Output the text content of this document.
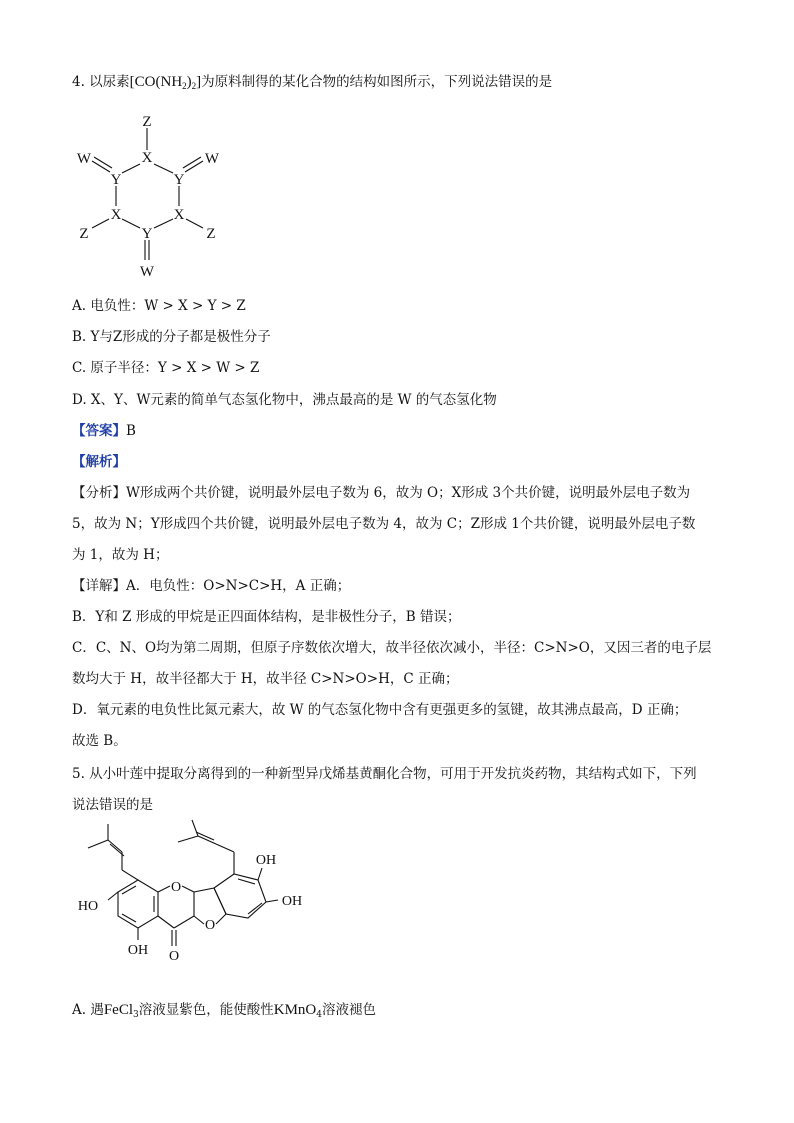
4. 以尿素$[CO(NH_2)_2]$为原料制得的某化合物的结构如图所示，下列说法错误的是
Z
X
W	W
Y	Y
X	X
Z	Z
Y
W
A. 电负性：W > X > Y > Z
B. Y与Z形成的分子都是极性分子
C. 原子半径：Y > X > W > Z
D. X、Y、W元素的简单气态氢化物中，沸点最高的是 W 的气态氢化物
【答案】B
【解析】
【分析】W形成两个共价键，说明最外层电子数为 6，故为 O；X形成 3个共价键，说明最外层电子数为
5，故为 N；Y形成四个共价键，说明最外层电子数为 4，故为 C；Z形成 1个共价键，说明最外层电子数
为 1，故为 H；
【详解】A．电负性：O>N>C>H，A 正确；
B．Y和 Z 形成的甲烷是正四面体结构，是非极性分子，B 错误；
C．C、N、O均为第二周期，但原子序数依次增大，故半径依次减小，半径：C>N>O，又因三者的电子层
数均大于 H，故半径都大于 H，故半径 C>N>O>H，C 正确；
D．氧元素的电负性比氮元素大，故 W 的气态氢化物中含有更强更多的氢键，故其沸点最高，D 正确；
故选 B。
5. 从小叶莲中提取分离得到的一种新型异戊烯基黄酮化合物，可用于开发抗炎药物，其结构式如下，下列
说法错误的是
OH
OH
HO
OH
O
O
O
A. 遇FeCl$_3$溶液显紫色，能使酸性KMnO$_4$溶液褪色
